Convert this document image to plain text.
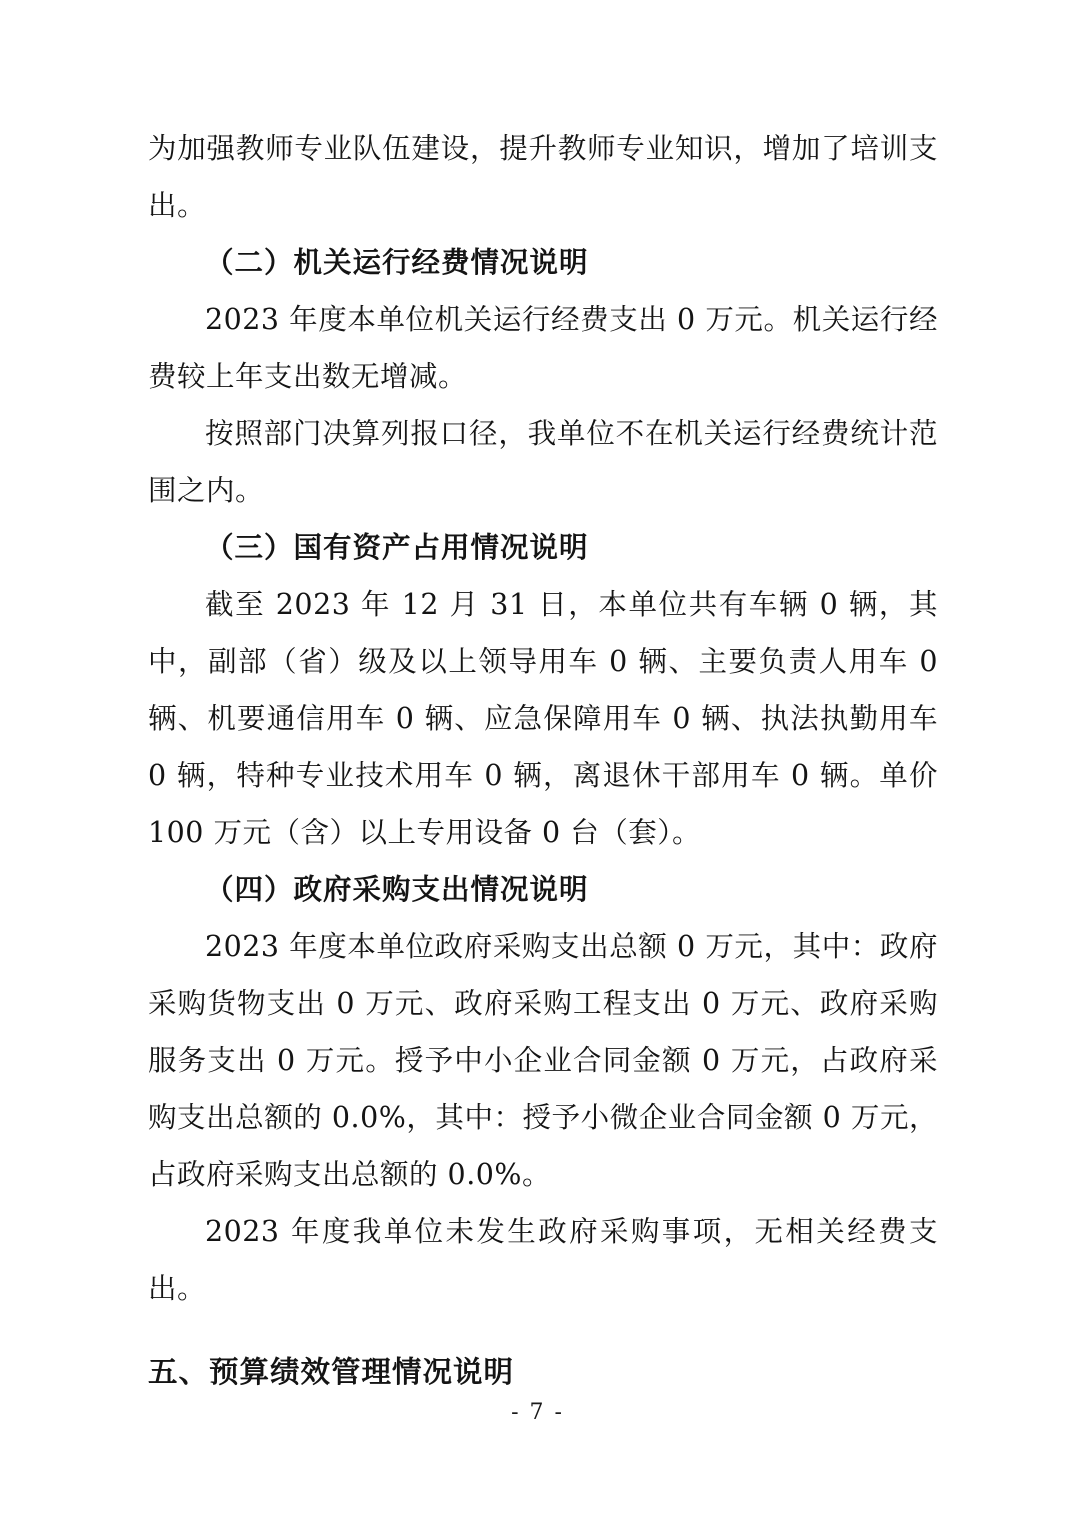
为加强教师专业队伍建设，提升教师专业知识，增加了培训支出。

（二）机关运行经费情况说明

2023 年度本单位机关运行经费支出 0 万元。机关运行经费较上年支出数无增减。

按照部门决算列报口径，我单位不在机关运行经费统计范围之内。

（三）国有资产占用情况说明

截至 2023 年 12 月 31 日，本单位共有车辆 0 辆，其中，副部（省）级及以上领导用车 0 辆、主要负责人用车 0 辆、机要通信用车 0 辆、应急保障用车 0 辆、执法执勤用车 0 辆，特种专业技术用车 0 辆，离退休干部用车 0 辆。单价 100 万元（含）以上专用设备 0 台（套）。

（四）政府采购支出情况说明

2023 年度本单位政府采购支出总额 0 万元，其中：政府采购货物支出 0 万元、政府采购工程支出 0 万元、政府采购服务支出 0 万元。授予中小企业合同金额 0 万元，占政府采购支出总额的 0.0%，其中：授予小微企业合同金额 0 万元，占政府采购支出总额的 0.0%。

2023 年度我单位未发生政府采购事项，无相关经费支出。

五、预算绩效管理情况说明

- 7 -
